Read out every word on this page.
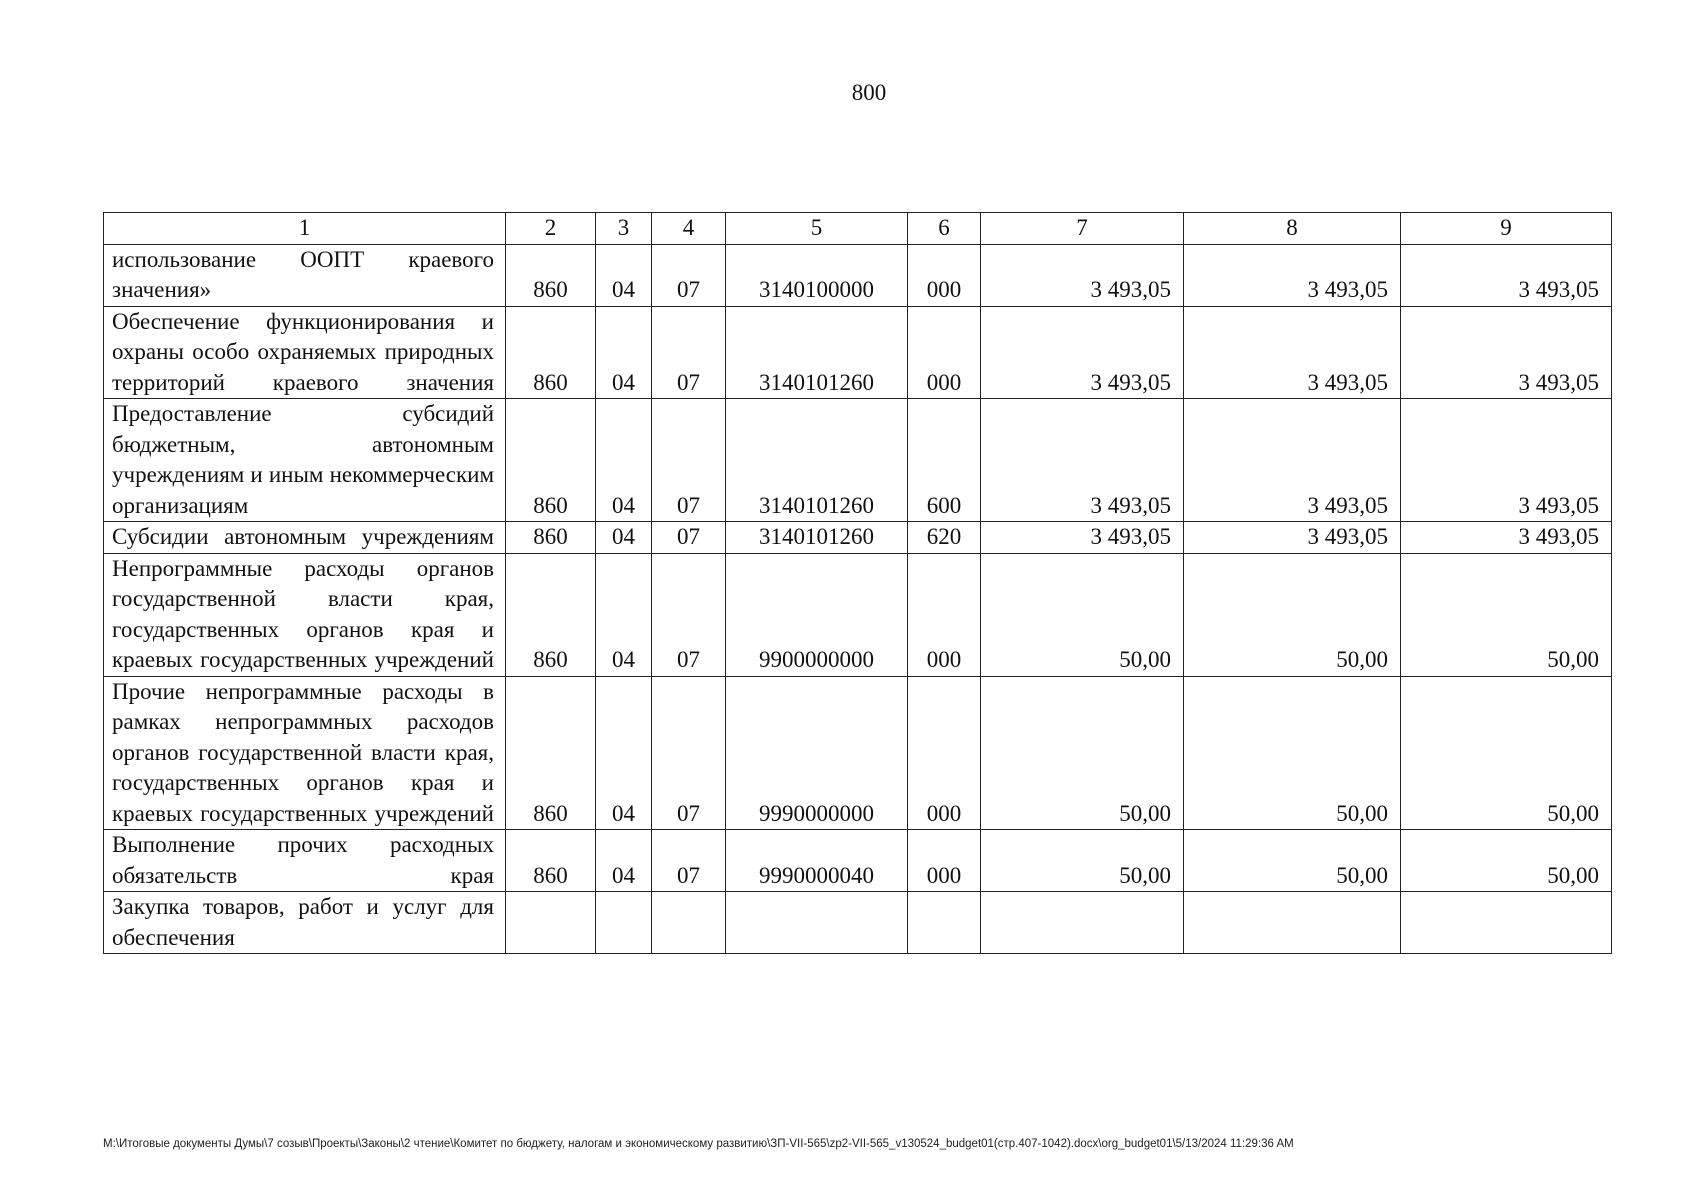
800
1	2	3	4	5	6	7	8	9
использование ООПТ краевого значения»	860	04	07	3140100000	000	3 493,05	3 493,05	3 493,05
Обеспечение функционирования и охраны особо охраняемых природных территорий краевого значения	860	04	07	3140101260	000	3 493,05	3 493,05	3 493,05
Предоставление субсидий бюджетным, автономным учреждениям и иным некоммерческим организациям	860	04	07	3140101260	600	3 493,05	3 493,05	3 493,05
Субсидии автономным учреждениям	860	04	07	3140101260	620	3 493,05	3 493,05	3 493,05
Непрограммные расходы органов государственной власти края, государственных органов края и краевых государственных учреждений	860	04	07	9900000000	000	50,00	50,00	50,00
Прочие непрограммные расходы в рамках непрограммных расходов органов государственной власти края, государственных органов края и краевых государственных учреждений	860	04	07	9990000000	000	50,00	50,00	50,00
Выполнение прочих расходных обязательств края	860	04	07	9990000040	000	50,00	50,00	50,00
Закупка товаров, работ и услуг для обеспечения								
M:\Итоговые документы Думы\7 созыв\Проекты\Законы\2 чтение\Комитет по бюджету, налогам и экономическому развитию\ЗП-VII-565\zp2-VII-565_v130524_budget01(стр.407-1042).docx\org_budget01\5/13/2024 11:29:36 AM
